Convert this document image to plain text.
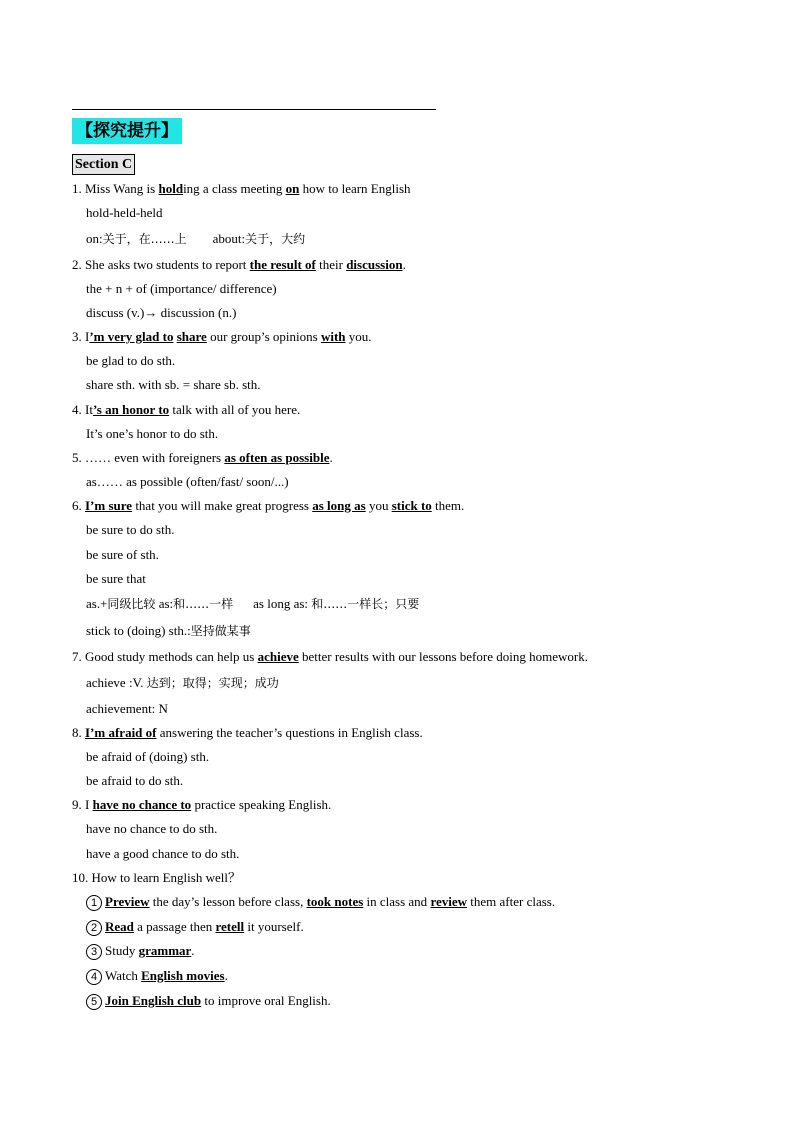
【探究提升】
Section C
1. Miss Wang is holding a class meeting on how to learn English
hold-held-held
on:关于，在……上 about:关于，大约
2. She asks two students to report the result of their discussion.
the + n + of (importance/ difference)
discuss (v.)→ discussion (n.)
3. I’m very glad to share our group’s opinions with you.
be glad to do sth.
share sth. with sb. = share sb. sth.
4. It’s an honor to talk with all of you here.
It’s one’s honor to do sth.
5. …… even with foreigners as often as possible.
as…… as possible (often/fast/ soon/...)
6. I’m sure that you will make great progress as long as you stick to them.
be sure to do sth.
be sure of sth.
be sure that
as.+同级比较 as:和……一样 as long as: 和……一样长；只要
stick to (doing) sth.:坚持做某事
7. Good study methods can help us achieve better results with our lessons before doing homework.
achieve :V. 达到；取得；实现；成功
achievement: N
8. I’m afraid of answering the teacher’s questions in English class.
be afraid of (doing) sth.
be afraid to do sth.
9. I have no chance to practice speaking English.
have no chance to do sth.
have a good chance to do sth.
10. How to learn English well？
1 Preview the day’s lesson before class, took notes in class and review them after class.
2 Read a passage then retell it yourself.
3 Study grammar.
4 Watch English movies.
5 Join English club to improve oral English.
